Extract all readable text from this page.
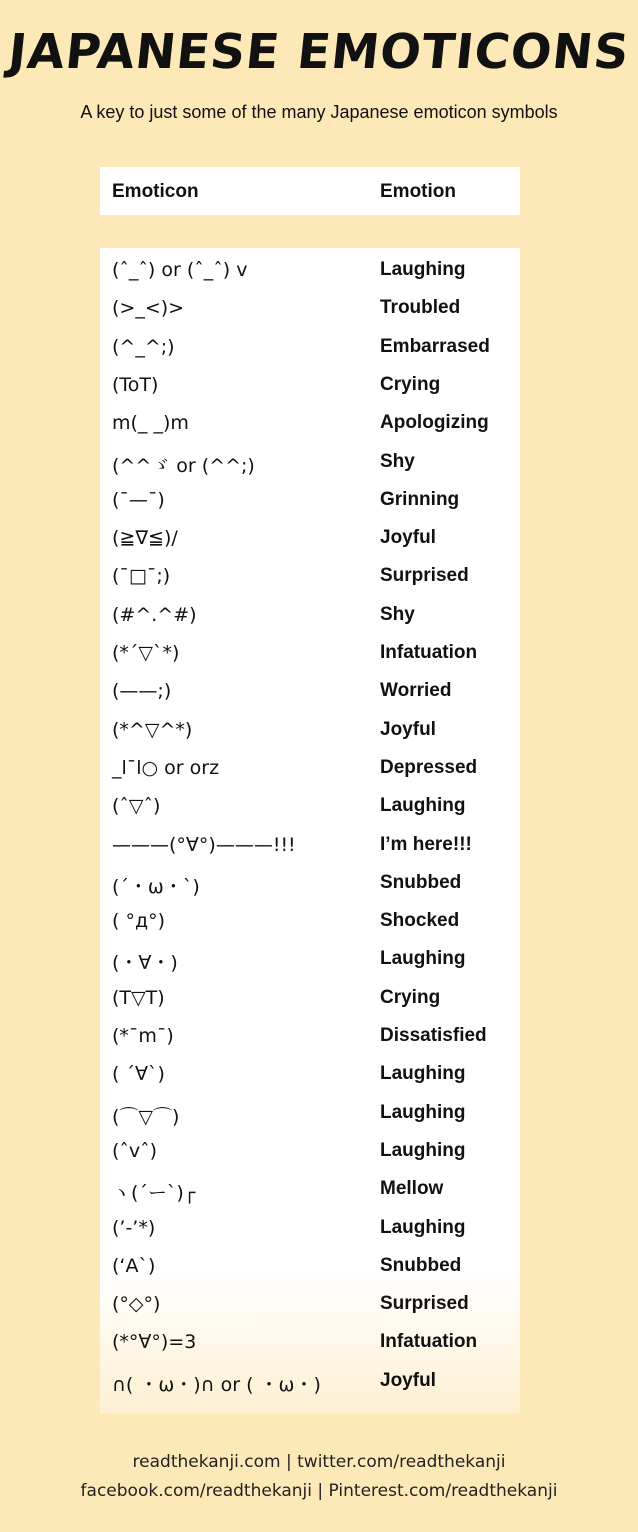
JAPANESE EMOTICONS
A key to just some of the many Japanese emoticon symbols
Emoticon	Emotion
(ˆ_ˆ) or (ˆ_ˆ) v	Laughing
(>_<)>	Troubled
(^_^;)	Embarrased
(ToT)	Crying
m(_ _)m	Apologizing
(^^ゞ or (^^;)	Shy
(¯—¯)	Grinning
(≧∇≦)/	Joyful
(¯□¯;)	Surprised
(#^.^#)	Shy
(*´▽`*)	Infatuation
(——;)	Worried
(*^▽^*)	Joyful
_l¯l○ or orz	Depressed
(ˆ▽ˆ)	Laughing
———(°∀°)———!!!	I’m here!!!
(´・ω・`)	Snubbed
( °д°)	Shocked
(・∀・)	Laughing
(T▽T)	Crying
(*¯m¯)	Dissatisfied
( ´∀`)	Laughing
(⌒▽⌒)	Laughing
(ˆvˆ)	Laughing
ヽ(´ー`)┌	Mellow
(’-’*)	Laughing
(‘A`)	Snubbed
(°◇°)	Surprised
(*°∀°)=3	Infatuation
∩( ・ω・)∩ or ( ・ω・)	Joyful
readthekanji.com | twitter.com/readthekanji
facebook.com/readthekanji | Pinterest.com/readthekanji
